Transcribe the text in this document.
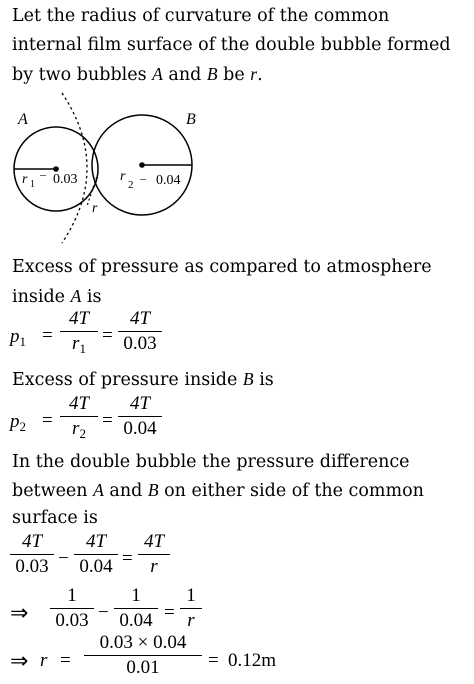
Let the radius of curvature of the common
internal film surface of the double bubble formed
by two bubbles A and B be r.
A	B
r 1
– 0.03	r
2 – 0.04
r
Excess of pressure as compared to atmosphere
inside A is
$p_1$ =
4T
$r_1$
=
4T
0.03
Excess of pressure inside B is
$p_2$ =
4T
$r_2$
=
4T
0.04
In the double bubble the pressure difference
between A and B on either side of the common
surface is
4T
0.03 −
4T
0.04 =
4T
r
⇒
1
0.03 −
1
0.04 =
1
r
⇒ r =
0.03 × 0.04
0.01	= 0.12m
